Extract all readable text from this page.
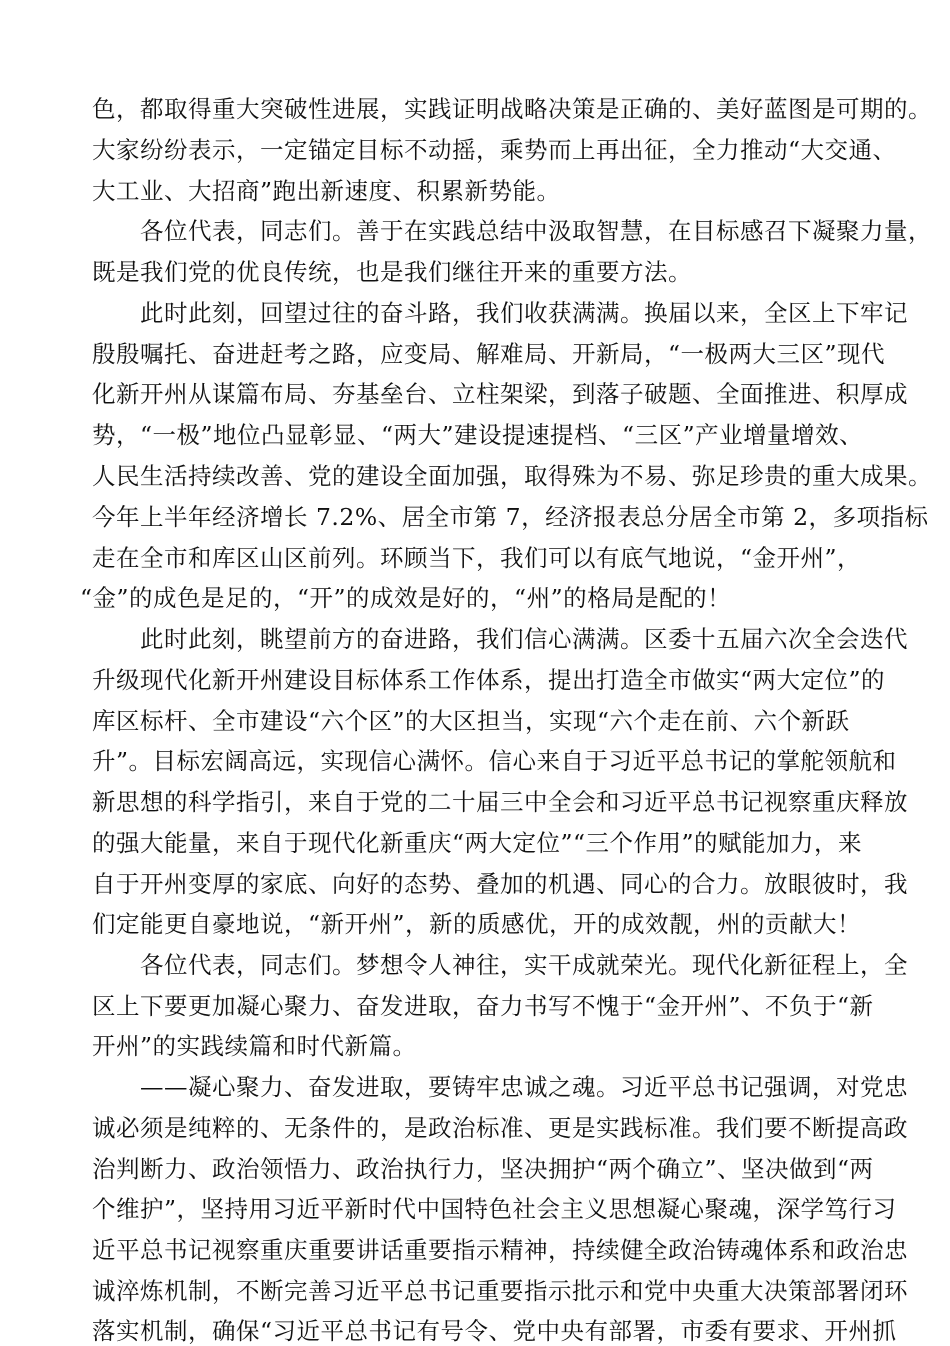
色，都取得重大突破性进展，实践证明战略决策是正确的、美好蓝图是可期的。
大家纷纷表示，一定锚定目标不动摇，乘势而上再出征，全力推动“大交通、
大工业、大招商”跑出新速度、积累新势能。
各位代表，同志们。善于在实践总结中汲取智慧，在目标感召下凝聚力量，
既是我们党的优良传统，也是我们继往开来的重要方法。
此时此刻，回望过往的奋斗路，我们收获满满。换届以来，全区上下牢记
殷殷嘱托、奋进赶考之路，应变局、解难局、开新局，“一极两大三区”现代
化新开州从谋篇布局、夯基垒台、立柱架梁，到落子破题、全面推进、积厚成
势，“一极”地位凸显彰显、“两大”建设提速提档、“三区”产业增量增效、
人民生活持续改善、党的建设全面加强，取得殊为不易、弥足珍贵的重大成果。
今年上半年经济增长 7.2%、居全市第 7，经济报表总分居全市第 2，多项指标
走在全市和库区山区前列。环顾当下，我们可以有底气地说，“金开州”，
“金”的成色是足的，“开”的成效是好的，“州”的格局是配的！
此时此刻，眺望前方的奋进路，我们信心满满。区委十五届六次全会迭代
升级现代化新开州建设目标体系工作体系，提出打造全市做实“两大定位”的
库区标杆、全市建设“六个区”的大区担当，实现“六个走在前、六个新跃
升”。目标宏阔高远，实现信心满怀。信心来自于习近平总书记的掌舵领航和
新思想的科学指引，来自于党的二十届三中全会和习近平总书记视察重庆释放
的强大能量，来自于现代化新重庆“两大定位”“三个作用”的赋能加力，来
自于开州变厚的家底、向好的态势、叠加的机遇、同心的合力。放眼彼时，我
们定能更自豪地说，“新开州”，新的质感优，开的成效靓，州的贡献大！
各位代表，同志们。梦想令人神往，实干成就荣光。现代化新征程上，全
区上下要更加凝心聚力、奋发进取，奋力书写不愧于“金开州”、不负于“新
开州”的实践续篇和时代新篇。
——凝心聚力、奋发进取，要铸牢忠诚之魂。习近平总书记强调，对党忠
诚必须是纯粹的、无条件的，是政治标准、更是实践标准。我们要不断提高政
治判断力、政治领悟力、政治执行力，坚决拥护“两个确立”、坚决做到“两
个维护”，坚持用习近平新时代中国特色社会主义思想凝心聚魂，深学笃行习
近平总书记视察重庆重要讲话重要指示精神，持续健全政治铸魂体系和政治忠
诚淬炼机制，不断完善习近平总书记重要指示批示和党中央重大决策部署闭环
落实机制，确保“习近平总书记有号令、党中央有部署，市委有要求、开州抓
